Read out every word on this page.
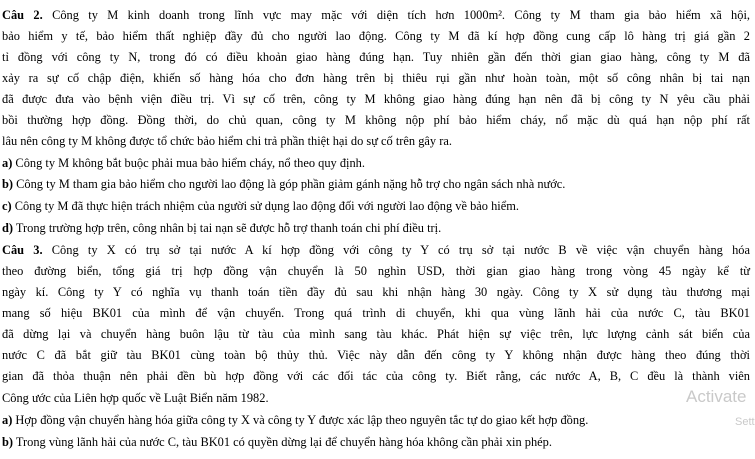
Câu 2. Công ty M kinh doanh trong lĩnh vực may mặc với diện tích hơn 1000m². Công ty M tham gia bảo hiểm xã hội,
bảo hiểm y tế, bảo hiểm thất nghiệp đầy đủ cho người lao động. Công ty M đã kí hợp đồng cung cấp lô hàng trị giá gần 2
tỉ đồng với công ty N, trong đó có điều khoản giao hàng đúng hạn. Tuy nhiên gần đến thời gian giao hàng, công ty M đã
xảy ra sự cố chập điện, khiến số hàng hóa cho đơn hàng trên bị thiêu rụi gần như hoàn toàn, một số công nhân bị tai nạn
đã được đưa vào bệnh viện điều trị. Vì sự cố trên, công ty M không giao hàng đúng hạn nên đã bị công ty N yêu cầu phải
bồi thường hợp đồng. Đồng thời, do chủ quan, công ty M không nộp phí bảo hiểm cháy, nổ mặc dù quá hạn nộp phí rất
lâu nên công ty M không được tổ chức bảo hiểm chi trả phần thiệt hại do sự cố trên gây ra.
a) Công ty M không bắt buộc phải mua bảo hiểm cháy, nổ theo quy định.
b) Công ty M tham gia bảo hiểm cho người lao động là góp phần giảm gánh nặng hỗ trợ cho ngân sách nhà nước.
c) Công ty M đã thực hiện trách nhiệm của người sử dụng lao động đối với người lao động về bảo hiểm.
d) Trong trường hợp trên, công nhân bị tai nạn sẽ được hỗ trợ thanh toán chi phí điều trị.
Câu 3. Công ty X có trụ sở tại nước A kí hợp đồng với công ty Y có trụ sở tại nước B về việc vận chuyển hàng hóa
theo đường biển, tổng giá trị hợp đồng vận chuyển là 50 nghìn USD, thời gian giao hàng trong vòng 45 ngày kể từ
ngày kí. Công ty Y có nghĩa vụ thanh toán tiền đầy đủ sau khi nhận hàng 30 ngày. Công ty X sử dụng tàu thương mại
mang số hiệu BK01 của mình để vận chuyển. Trong quá trình di chuyển, khi qua vùng lãnh hải của nước C, tàu BK01
đã dừng lại và chuyển hàng buôn lậu từ tàu của mình sang tàu khác. Phát hiện sự việc trên, lực lượng cảnh sát biển của
nước C đã bắt giữ tàu BK01 cùng toàn bộ thủy thủ. Việc này dẫn đến công ty Y không nhận được hàng theo đúng thời
gian đã thỏa thuận nên phải đền bù hợp đồng với các đối tác của công ty. Biết rằng, các nước A, B, C đều là thành viên
Công ước của Liên hợp quốc về Luật Biển năm 1982.
a) Hợp đồng vận chuyển hàng hóa giữa công ty X và công ty Y được xác lập theo nguyên tắc tự do giao kết hợp đồng.
b) Trong vùng lãnh hải của nước C, tàu BK01 có quyền dừng lại để chuyển hàng hóa không cần phải xin phép.
Activate
Sett
